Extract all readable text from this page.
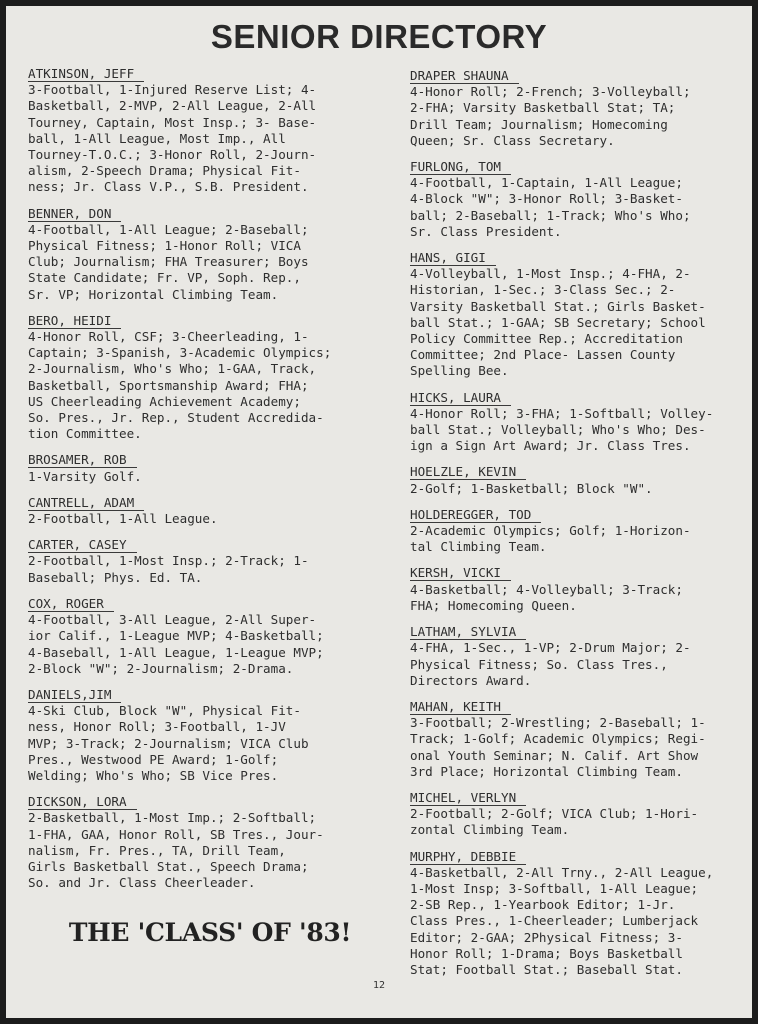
SENIOR DIRECTORY
ATKINSON, JEFF
3-Football, 1-Injured Reserve List; 4-
Basketball, 2-MVP, 2-All League, 2-All
Tourney, Captain, Most Insp.; 3- Base-
ball, 1-All League, Most Imp., All
Tourney-T.O.C.; 3-Honor Roll, 2-Journ-
alism, 2-Speech Drama; Physical Fit-
ness; Jr. Class V.P., S.B. President.
BENNER, DON
4-Football, 1-All League; 2-Baseball;
Physical Fitness; 1-Honor Roll; VICA
Club; Journalism; FHA Treasurer; Boys
State Candidate; Fr. VP, Soph. Rep.,
Sr. VP; Horizontal Climbing Team.
BERO, HEIDI
4-Honor Roll, CSF; 3-Cheerleading, 1-
Captain; 3-Spanish, 3-Academic Olympics;
2-Journalism, Who's Who; 1-GAA, Track,
Basketball, Sportsmanship Award; FHA;
US Cheerleading Achievement Academy;
So. Pres., Jr. Rep., Student Accredida-
tion Committee.
BROSAMER, ROB
1-Varsity Golf.
CANTRELL, ADAM
2-Football, 1-All League.
CARTER, CASEY
2-Football, 1-Most Insp.; 2-Track; 1-
Baseball; Phys. Ed. TA.
COX, ROGER
4-Football, 3-All League, 2-All Super-
ior Calif., 1-League MVP; 4-Basketball;
4-Baseball, 1-All League, 1-League MVP;
2-Block "W"; 2-Journalism; 2-Drama.
DANIELS,JIM
4-Ski Club, Block "W", Physical Fit-
ness, Honor Roll; 3-Football, 1-JV
MVP; 3-Track; 2-Journalism; VICA Club
Pres., Westwood PE Award; 1-Golf;
Welding; Who's Who; SB Vice Pres.
DICKSON, LORA
2-Basketball, 1-Most Imp.; 2-Softball;
1-FHA, GAA, Honor Roll, SB Tres., Jour-
nalism, Fr. Pres., TA, Drill Team,
Girls Basketball Stat., Speech Drama;
So. and Jr. Class Cheerleader.
DRAPER SHAUNA
4-Honor Roll; 2-French; 3-Volleyball;
2-FHA; Varsity Basketball Stat; TA;
Drill Team; Journalism; Homecoming
Queen; Sr. Class Secretary.
FURLONG, TOM
4-Football, 1-Captain, 1-All League;
4-Block "W"; 3-Honor Roll; 3-Basket-
ball; 2-Baseball; 1-Track; Who's Who;
Sr. Class President.
HANS, GIGI
4-Volleyball, 1-Most Insp.; 4-FHA, 2-
Historian, 1-Sec.; 3-Class Sec.; 2-
Varsity Basketball Stat.; Girls Basket-
ball Stat.; 1-GAA; SB Secretary; School
Policy Committee Rep.; Accreditation
Committee; 2nd Place- Lassen County
Spelling Bee.
HICKS, LAURA
4-Honor Roll; 3-FHA; 1-Softball; Volley-
ball Stat.; Volleyball; Who's Who; Des-
ign a Sign Art Award; Jr. Class Tres.
HOELZLE, KEVIN
2-Golf; 1-Basketball; Block "W".
HOLDEREGGER, TOD
2-Academic Olympics; Golf; 1-Horizon-
tal Climbing Team.
KERSH, VICKI
4-Basketball; 4-Volleyball; 3-Track;
FHA; Homecoming Queen.
LATHAM, SYLVIA
4-FHA, 1-Sec., 1-VP; 2-Drum Major; 2-
Physical Fitness; So. Class Tres.,
Directors Award.
MAHAN, KEITH
3-Football; 2-Wrestling; 2-Baseball; 1-
Track; 1-Golf; Academic Olympics; Regi-
onal Youth Seminar; N. Calif. Art Show
3rd Place; Horizontal Climbing Team.
MICHEL, VERLYN
2-Football; 2-Golf; VICA Club; 1-Hori-
zontal Climbing Team.
MURPHY, DEBBIE
4-Basketball, 2-All Trny., 2-All League,
1-Most Insp; 3-Softball, 1-All League;
2-SB Rep., 1-Yearbook Editor; 1-Jr.
Class Pres., 1-Cheerleader; Lumberjack
Editor; 2-GAA; 2Physical Fitness; 3-
Honor Roll; 1-Drama; Boys Basketball
Stat; Football Stat.; Baseball Stat.
THE 'CLASS' OF '83!
12
